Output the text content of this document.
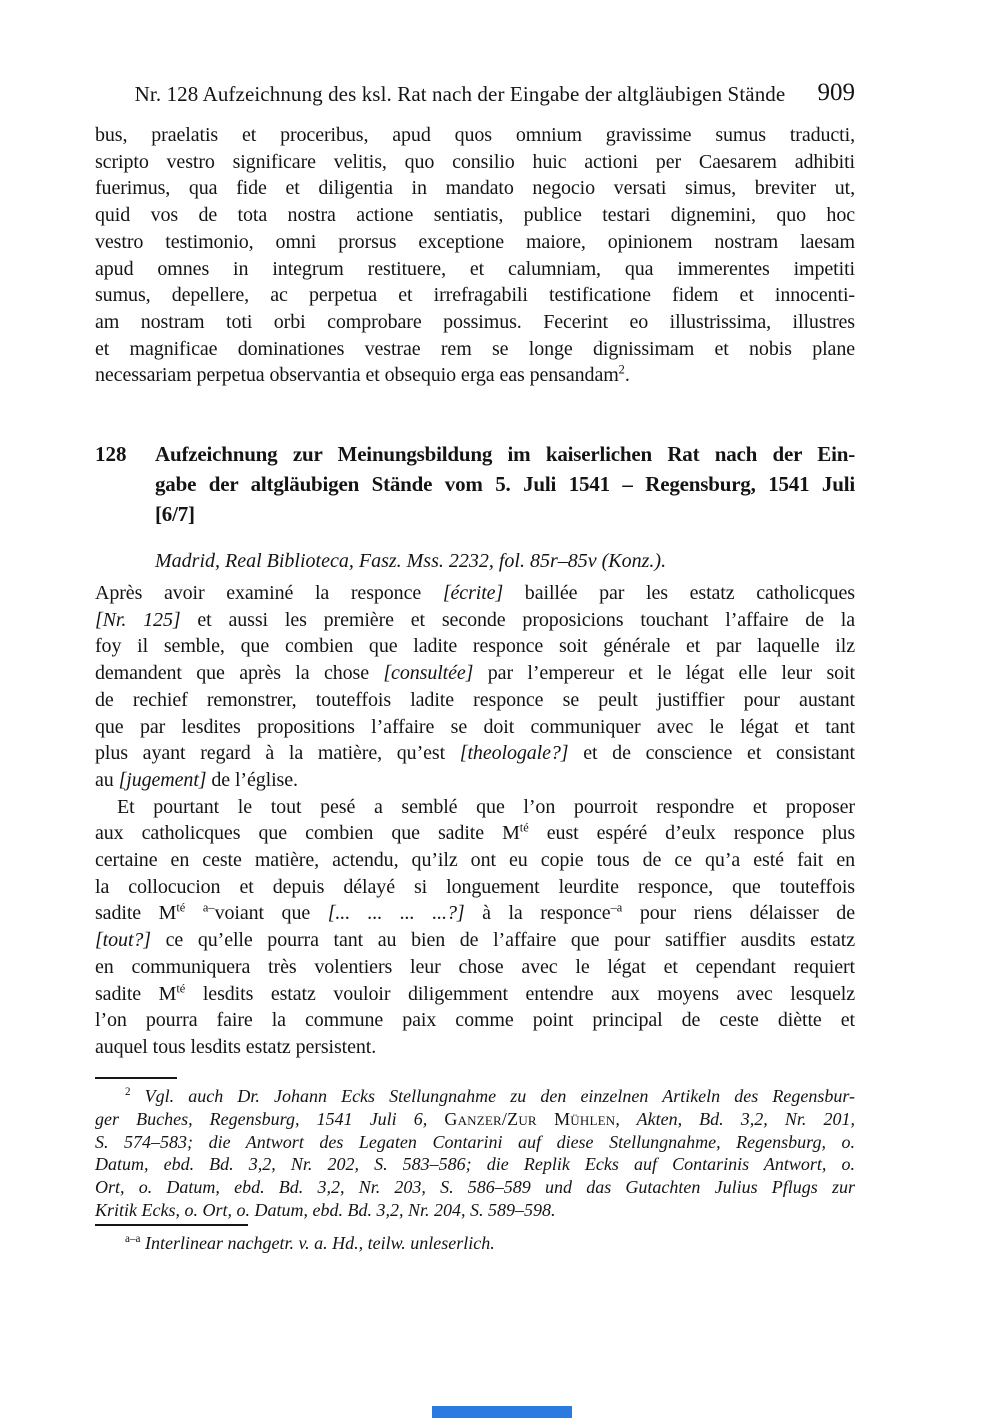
Nr. 128 Aufzeichnung des ksl. Rat nach der Eingabe der altgläubigen Stände	909
bus, praelatis et proceribus, apud quos omnium gravissime sumus traducti,
scripto vestro significare velitis, quo consilio huic actioni per Caesarem adhibiti
fuerimus, qua fide et diligentia in mandato negocio versati simus, breviter ut,
quid vos de tota nostra actione sentiatis, publice testari dignemini, quo hoc
vestro testimonio, omni prorsus exceptione maiore, opinionem nostram laesam
apud omnes in integrum restituere, et calumniam, qua immerentes impetiti
sumus, depellere, ac perpetua et irrefragabili testificatione fidem et innocenti-
am nostram toti orbi comprobare possimus. Fecerint eo illustrissima, illustres
et magnificae dominationes vestrae rem se longe dignissimam et nobis plane
necessariam perpetua observantia et obsequio erga eas pensandam$^2$.
128	Aufzeichnung zur Meinungsbildung im kaiserlichen Rat nach der Ein-
gabe der altgläubigen Stände vom 5. Juli 1541 – Regensburg, 1541 Juli
[6/7]
Madrid, Real Biblioteca, Fasz. Mss. 2232, fol. 85r–85v (Konz.).
Après avoir examiné la responce [écrite] baillée par les estatz catholicques
[Nr. 125] et aussi les première et seconde proposicions touchant l’affaire de la
foy il semble, que combien que ladite responce soit générale et par laquelle ilz
demandent que après la chose [consultée] par l’empereur et le légat elle leur soit
de rechief remonstrer, touteffois ladite responce se peult justiffier pour austant
que par lesdites propositions l’affaire se doit communiquer avec le légat et tant
plus ayant regard à la matière, qu’est [theologale?] et de conscience et consistant
au [jugement] de l’église.
Et pourtant le tout pesé a semblé que l’on pourroit respondre et proposer
aux catholicques que combien que sadite $M^{té}$ eust espéré d’eulx responce plus
certaine en ceste matière, actendu, qu’ilz ont eu copie tous de ce qu’a esté fait en
la collocucion et depuis délayé si longuement leurdite responce, que touteffois
sadite $M^{té}$ $^{a-}$voiant que [... ... ... ...?] à la responce$^{-a}$ pour riens délaisser de
[tout?] ce qu’elle pourra tant au bien de l’affaire que pour satiffier ausdits estatz
en communiquera très volentiers leur chose avec le légat et cependant requiert
sadite $M^{té}$ lesdits estatz vouloir diligemment entendre aux moyens avec lesquelz
l’on pourra faire la commune paix comme point principal de ceste diètte et
auquel tous lesdits estatz persistent.
$^2$ Vgl. auch Dr. Johann Ecks Stellungnahme zu den einzelnen Artikeln des Regensbur-
ger Buches, Regensburg, 1541 Juli 6, Ganzer/Zur Mühlen, Akten, Bd. 3,2, Nr. 201,
S. 574–583; die Antwort des Legaten Contarini auf diese Stellungnahme, Regensburg, o.
Datum, ebd. Bd. 3,2, Nr. 202, S. 583–586; die Replik Ecks auf Contarinis Antwort, o.
Ort, o. Datum, ebd. Bd. 3,2, Nr. 203, S. 586–589 und das Gutachten Julius Pflugs zur
Kritik Ecks, o. Ort, o. Datum, ebd. Bd. 3,2, Nr. 204, S. 589–598.
$^{a-a}$ Interlinear nachgetr. v. a. Hd., teilw. unleserlich.
